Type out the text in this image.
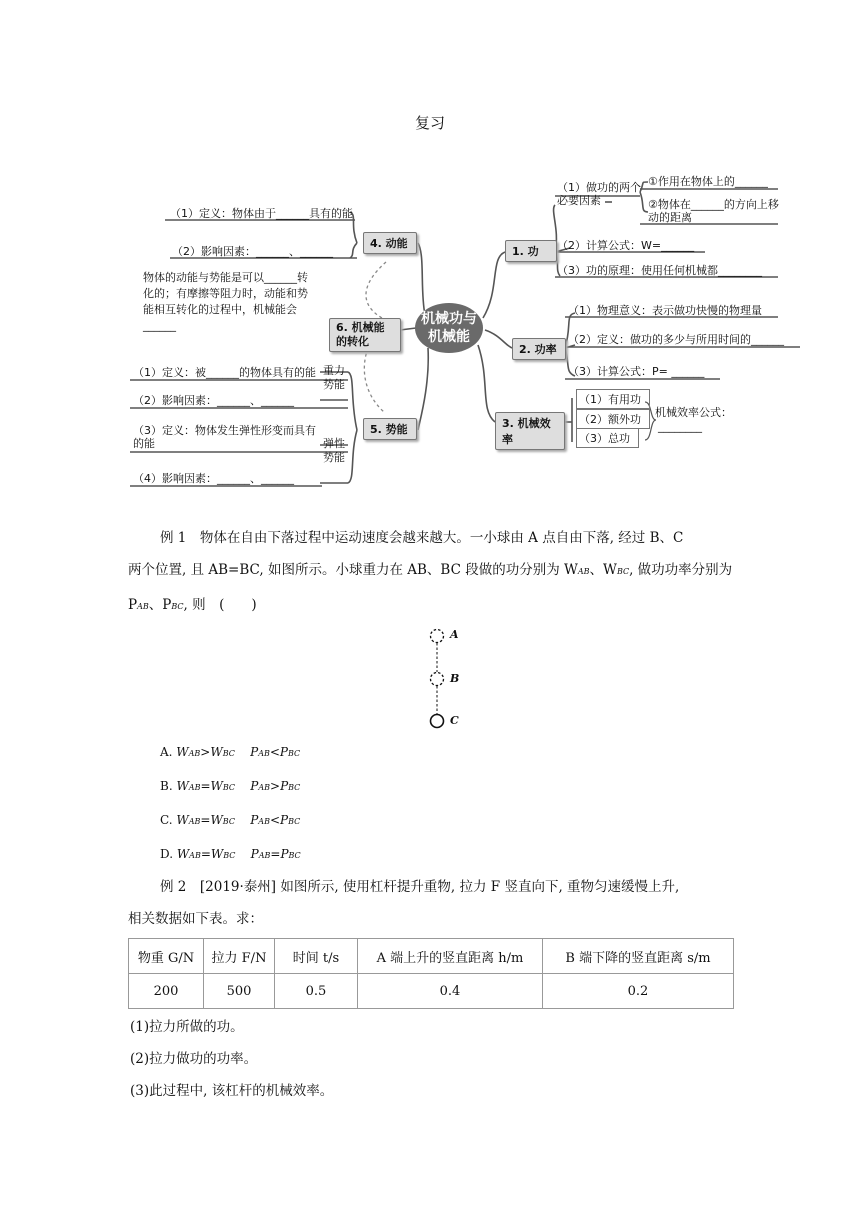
复习
机械功与机械能
1. 功
2. 功率
3. 机械效率
4. 动能
5. 势能
6. 机械能的转化
（1）做功的两个必要因素
①作用在物体上的______
②物体在______的方向上移动的距离
（2）计算公式：W=______
（3）功的原理：使用任何机械都________
（1）物理意义：表示做功快慢的物理量
（2）定义：做功的多少与所用时间的______
（3）计算公式：P= ______
（1）有用功
（2）额外功
（3）总功
机械效率公式：
________
（1）定义：物体由于______具有的能
（2）影响因素：______、______
物体的动能与势能是可以______转化的；有摩擦等阻力时，动能和势能相互转化的过程中，机械能会______
（1）定义：被______的物体具有的能
（2）影响因素：______、______
重力势能
（3）定义：物体发生弹性形变而具有的能
（4）影响因素：______、______
弹性势能
例 1　物体在自由下落过程中运动速度会越来越大。一小球由 A 点自由下落, 经过 B、C
两个位置, 且 AB=BC, 如图所示。小球重力在 AB、BC 段做的功分别为 WAB、WBC, 做功功率分别为
PAB、PBC, 则　(　　)
A
B
C
A. WAB>WBC PAB<PBC
B. WAB=WBC PAB>PBC
C. WAB=WBC PAB<PBC
D. WAB=WBC PAB=PBC
例 2　[2019·泰州] 如图所示, 使用杠杆提升重物, 拉力 F 竖直向下, 重物匀速缓慢上升,
相关数据如下表。求：
物重 G/N	拉力 F/N	时间 t/s	A 端上升的竖直距离 h/m	B 端下降的竖直距离 s/m
200	500	0.5	0.4	0.2
(1)拉力所做的功。
(2)拉力做功的功率。
(3)此过程中, 该杠杆的机械效率。
